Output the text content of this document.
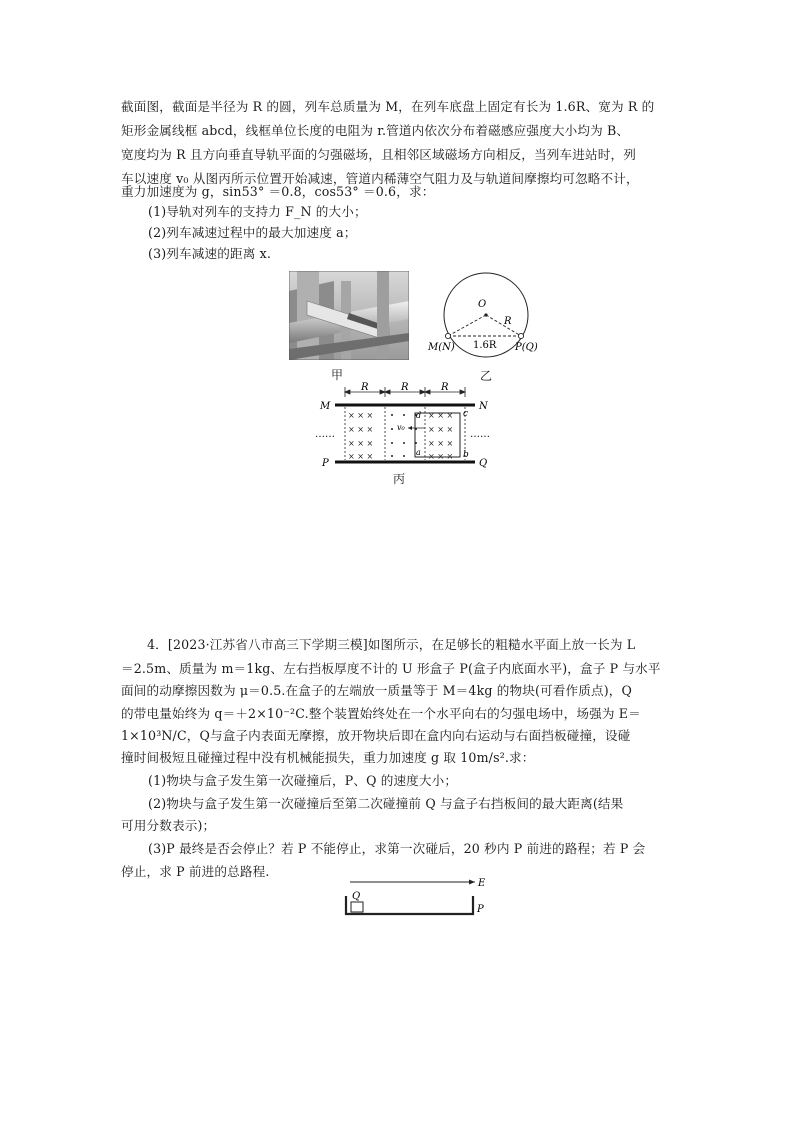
截面图，截面是半径为 R 的圆，列车总质量为 M，在列车底盘上固定有长为 1.6R、宽为 R 的
矩形金属线框 abcd，线框单位长度的电阻为 r.管道内依次分布着磁感应强度大小均为 B、
宽度均为 R 且方向垂直导轨平面的匀强磁场，且相邻区域磁场方向相反，当列车进站时，列
车以速度 v₀ 从图丙所示位置开始减速，管道内稀薄空气阻力及与轨道间摩擦均可忽略不计，
重力加速度为 g，sin53° ＝0.8，cos53° ＝0.6，求：
(1)导轨对列车的支持力 F_N 的大小；
(2)列车减速过程中的最大加速度 a；
(3)列车减速的距离 x.
甲
O
R
1.6R
M(N)	P(Q)
乙
R	R	R
M	N
P	Q
……	……
× × ×
× × ×
× × ×
× × ×
× × ×
× × ×
× × ×
× × ×
a	b
c
d
v₀
丙
4．[2023·江苏省八市高三下学期三模]如图所示，在足够长的粗糙水平面上放一长为 L
＝2.5m、质量为 m＝1kg、左右挡板厚度不计的 U 形盒子 P(盒子内底面水平)，盒子 P 与水平
面间的动摩擦因数为 μ＝0.5.在盒子的左端放一质量等于 M＝4kg 的物块(可看作质点)，Q
的带电量始终为 q＝＋2×10⁻²C.整个装置始终处在一个水平向右的匀强电场中，场强为 E＝
1×10³N/C，Q与盒子内表面无摩擦，放开物块后即在盒内向右运动与右面挡板碰撞，设碰
撞时间极短且碰撞过程中没有机械能损失，重力加速度 g 取 10m/s².求：
(1)物块与盒子发生第一次碰撞后，P、Q 的速度大小；
(2)物块与盒子发生第一次碰撞后至第二次碰撞前 Q 与盒子右挡板间的最大距离(结果
可用分数表示)；
(3)P 最终是否会停止？若 P 不能停止，求第一次碰后，20 秒内 P 前进的路程；若 P 会
停止，求 P 前进的总路程.
E
Q
P
